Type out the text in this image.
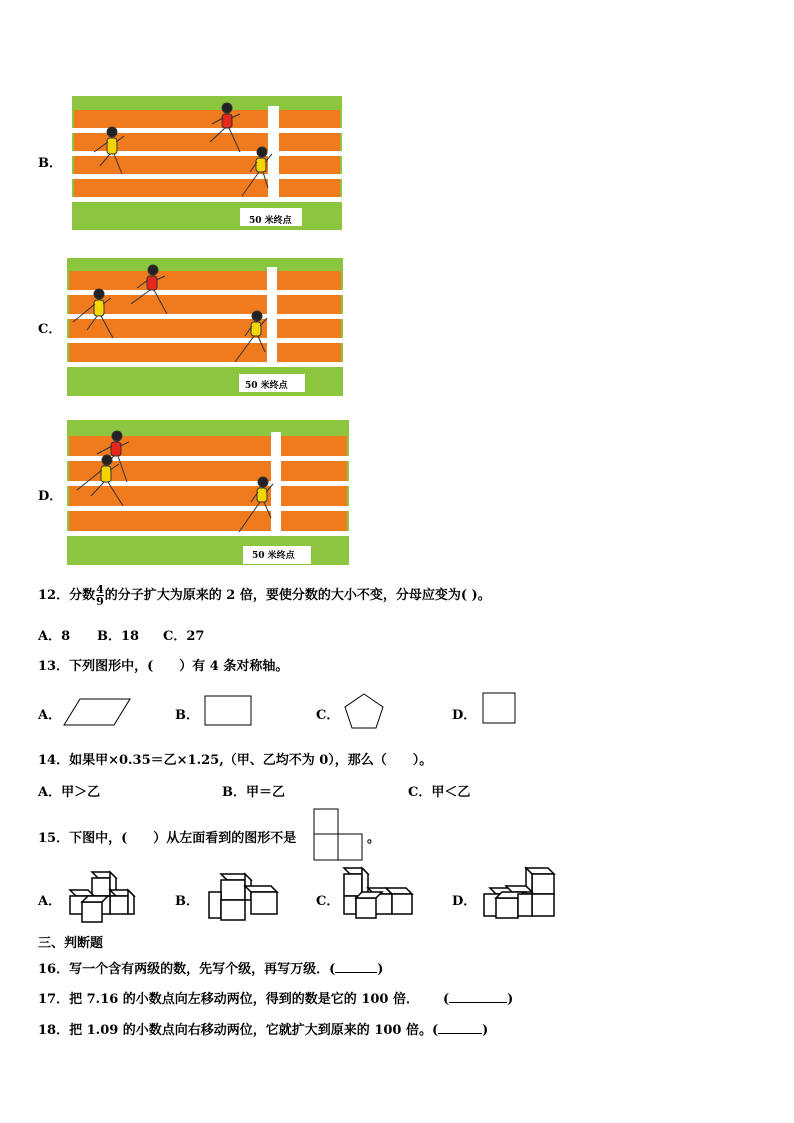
B．
50 米终点
C．
50 米终点
D．
50 米终点
12．分数 $\frac{4}{9}$ 的分子扩大为原来的 2 倍，要使分数的大小不变，分母应变为( )。
A．8 B．18 C．27
13．下列图形中，(　　）有 4 条对称轴。
A．	B．	C．	D．
14．如果甲×0.35＝乙×1.25,（甲、乙均不为 0），那么（　　）。
A．甲＞乙	B．甲＝乙	C．甲＜乙
15．下图中，(　　）从左面看到的图形不是	。
A．	B．	C．	D．
三、判断题
16．写一个含有两级的数，先写个级，再写万级．(	)
17．把 7.16 的小数点向左移动两位，得到的数是它的 100 倍． (	)
18．把 1.09 的小数点向右移动两位，它就扩大到原来的 100 倍。(	)
